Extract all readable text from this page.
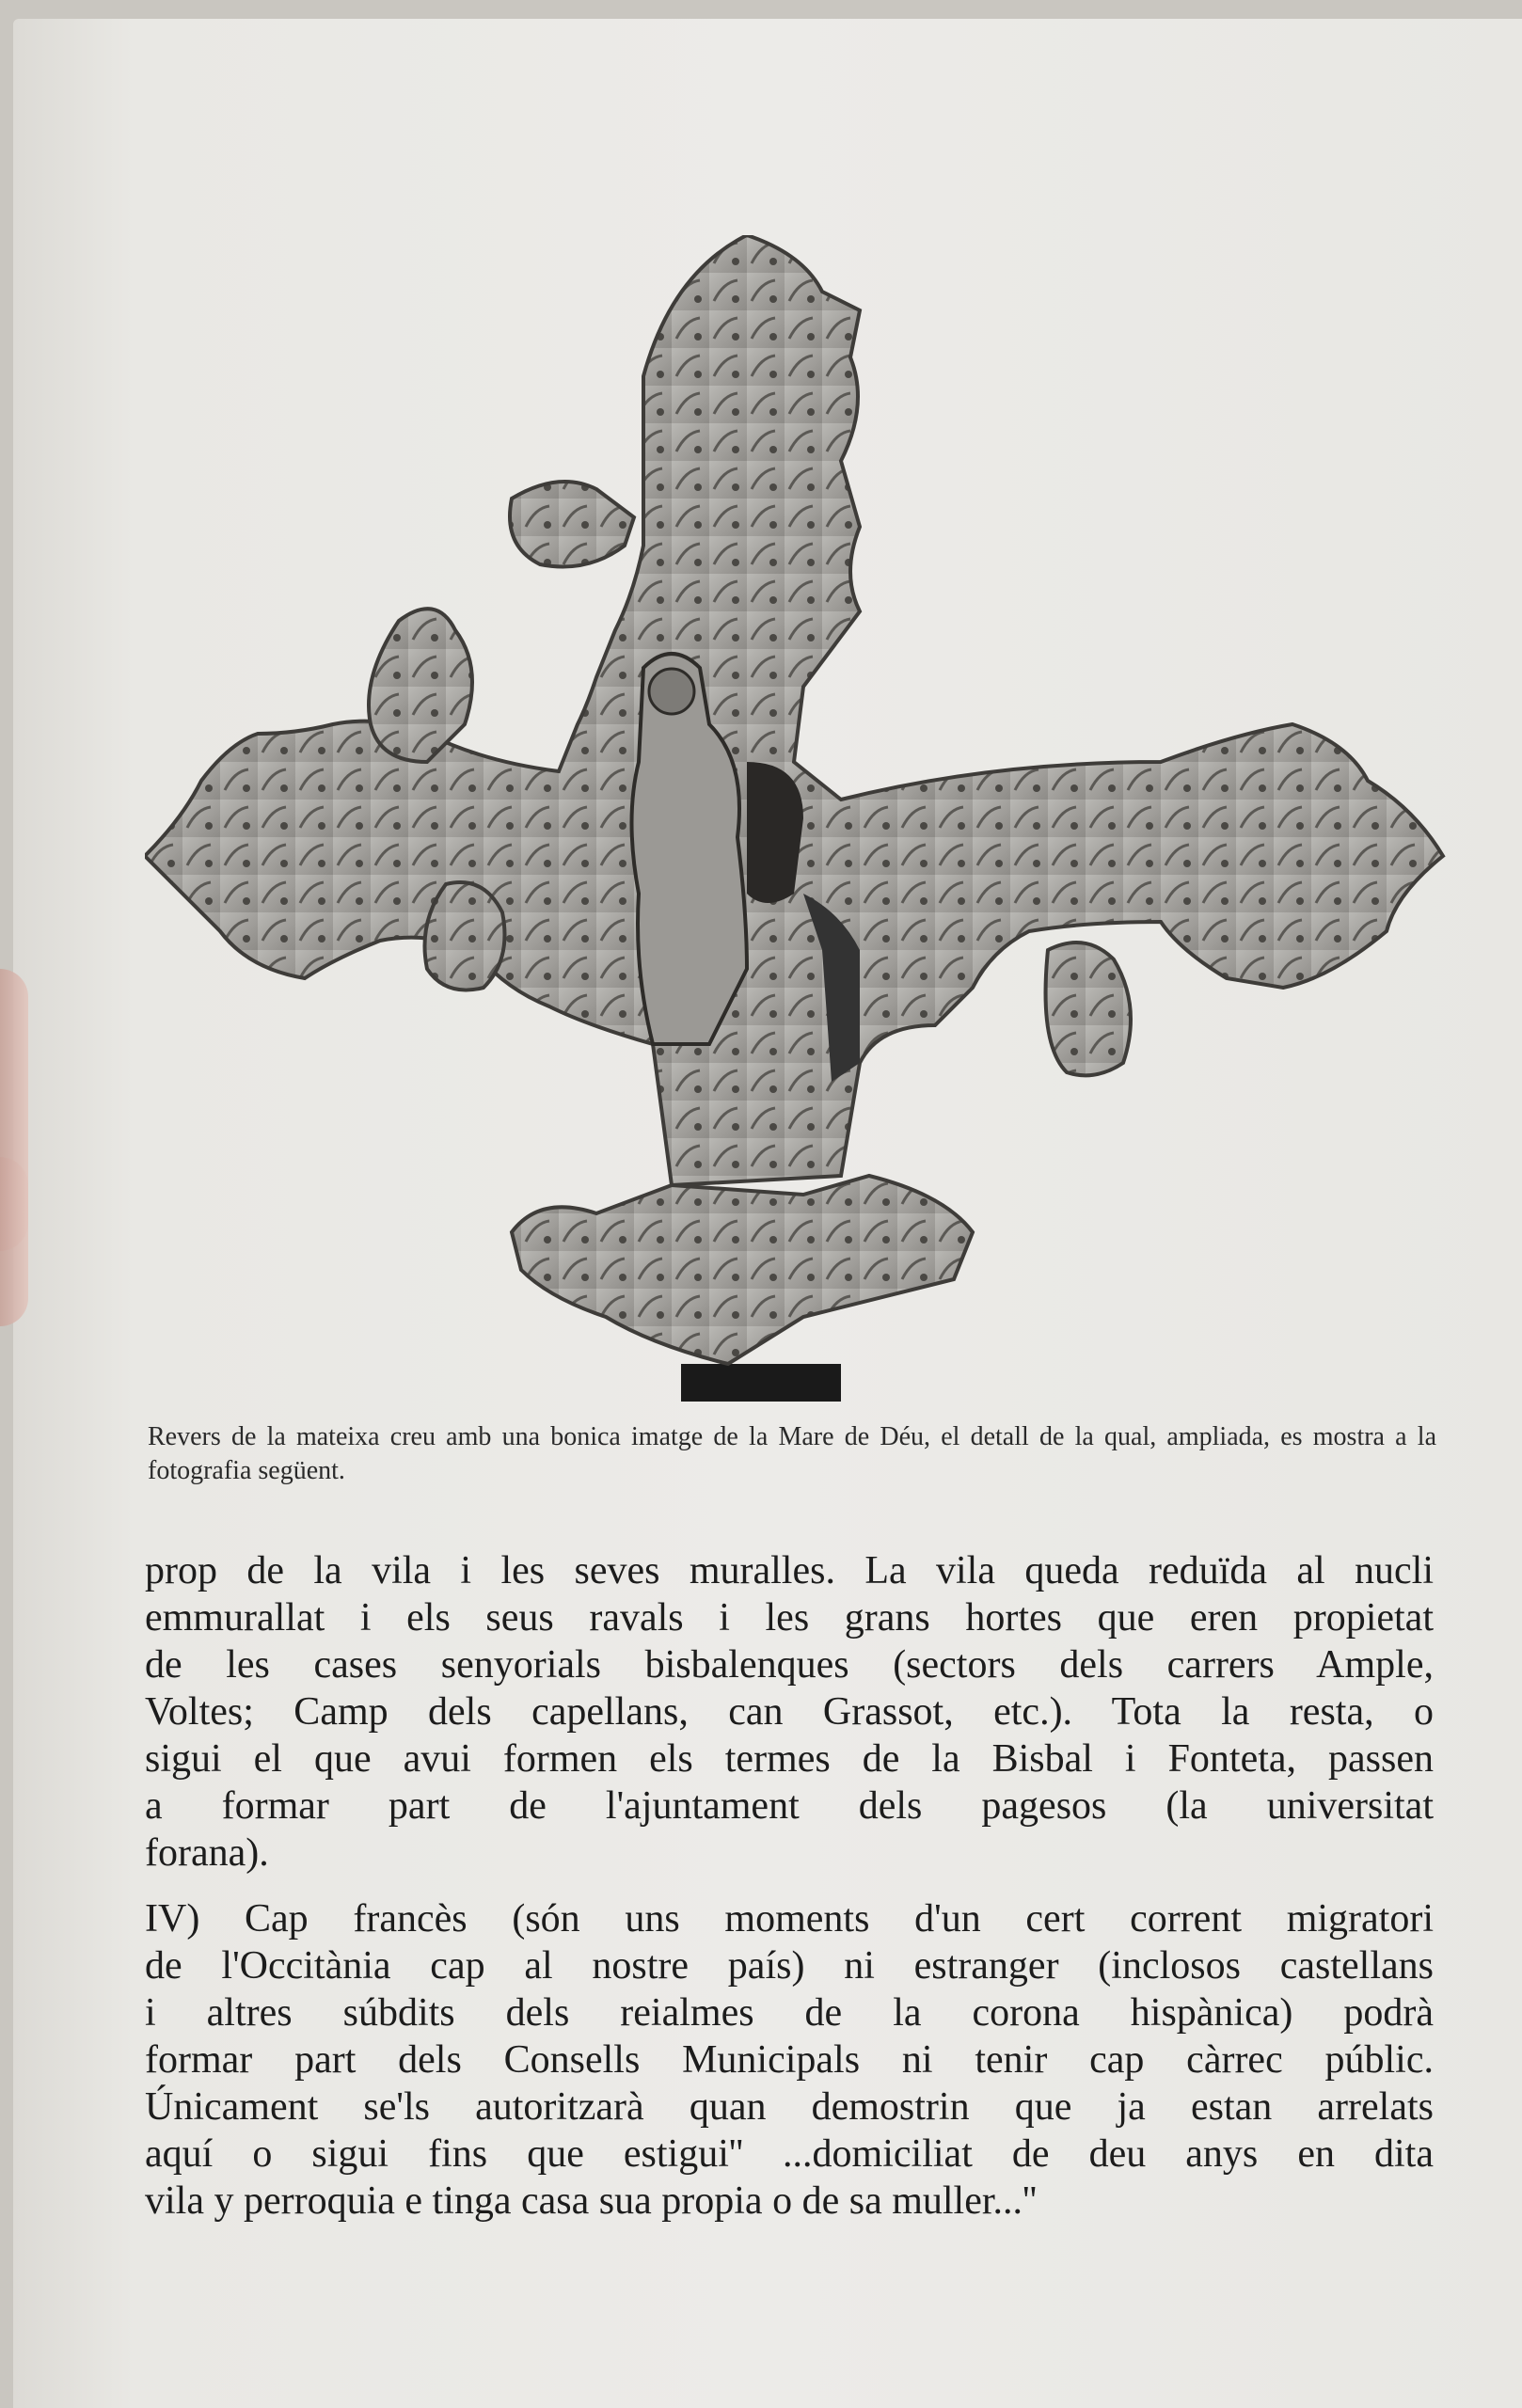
Revers de la mateixa creu amb una bonica imatge de la Mare de Déu, el detall de la qual, ampliada, es mostra a la fotografia següent.
prop de la vila i les seves muralles. La vila queda reduïda al nucli
emmurallat i els seus ravals i les grans hortes que eren propietat
de les cases senyorials bisbalenques (sectors dels carrers Ample,
Voltes; Camp dels capellans, can Grassot, etc.). Tota la resta, o
sigui el que avui formen els termes de la Bisbal i Fonteta, passen
a formar part de l'ajuntament dels pagesos (la universitat
forana).
IV) Cap francès (són uns moments d'un cert corrent migratori
de l'Occitània cap al nostre país) ni estranger (inclosos castellans
i altres súbdits dels reialmes de la corona hispànica) podrà
formar part dels Consells Municipals ni tenir cap càrrec públic.
Únicament se'ls autoritzarà quan demostrin que ja estan arrelats
aquí o sigui fins que estigui'' ...domiciliat de deu anys en dita
vila y perroquia e tinga casa sua propia o de sa muller...''
